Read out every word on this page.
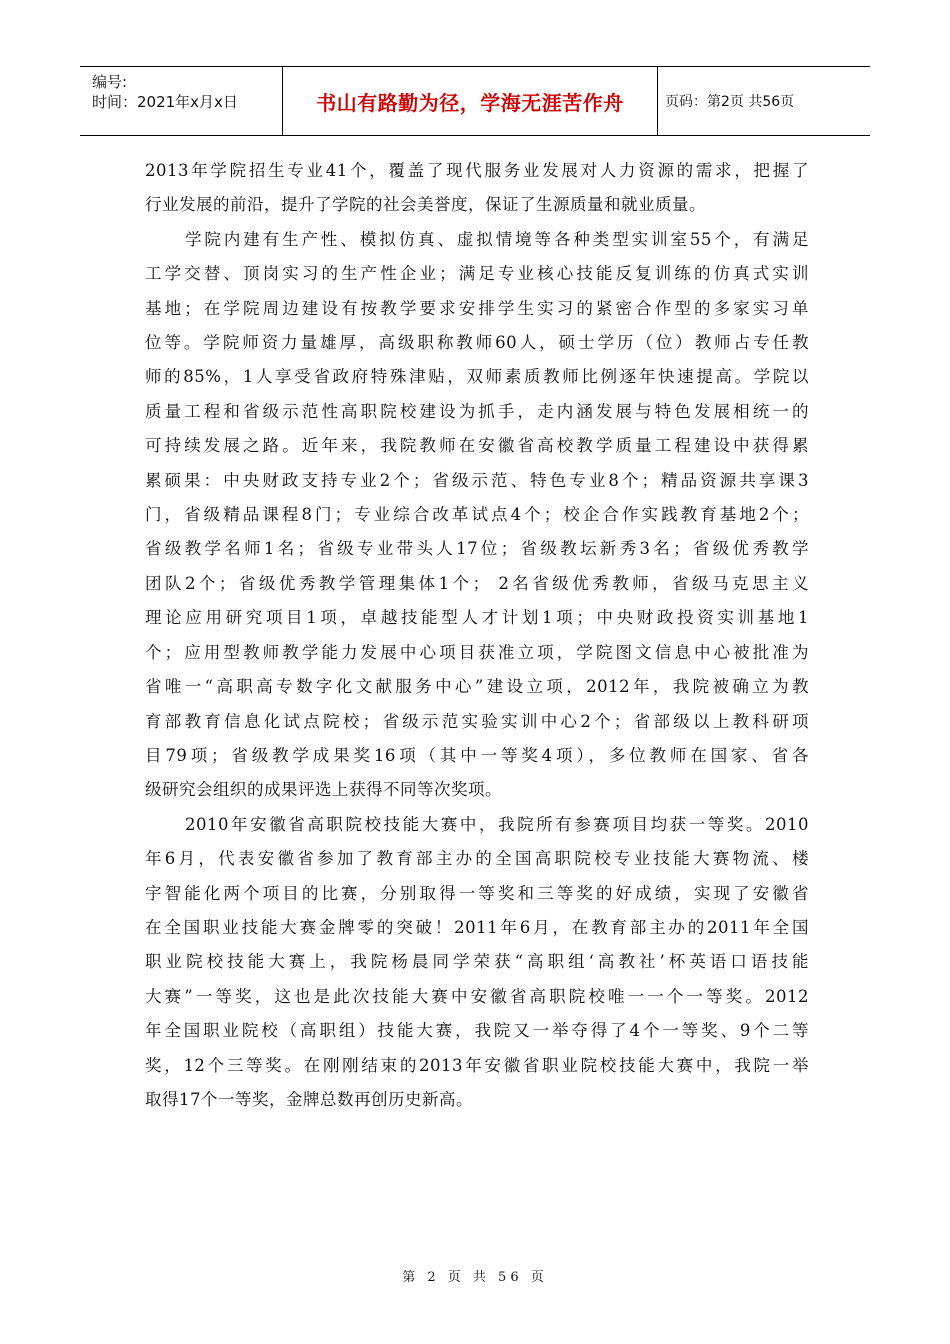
编号:
时间：2021年x月x日	书山有路勤为径，学海无涯苦作舟	页码：第2页 共56页
2013年学院招生专业41个，覆盖了现代服务业发展对人力资源的需求，把握了
行业发展的前沿，提升了学院的社会美誉度，保证了生源质量和就业质量。
学院内建有生产性、模拟仿真、虚拟情境等各种类型实训室55个，有满足
工学交替、顶岗实习的生产性企业；满足专业核心技能反复训练的仿真式实训
基地；在学院周边建设有按教学要求安排学生实习的紧密合作型的多家实习单
位等。学院师资力量雄厚，高级职称教师60人，硕士学历（位）教师占专任教
师的85%，1人享受省政府特殊津贴，双师素质教师比例逐年快速提高。学院以
质量工程和省级示范性高职院校建设为抓手，走内涵发展与特色发展相统一的
可持续发展之路。近年来，我院教师在安徽省高校教学质量工程建设中获得累
累硕果：中央财政支持专业2个；省级示范、特色专业8个；精品资源共享课3
门，省级精品课程8门；专业综合改革试点4个；校企合作实践教育基地2个；
省级教学名师1名；省级专业带头人17位；省级教坛新秀3名；省级优秀教学
团队2个；省级优秀教学管理集体1个； 2名省级优秀教师，省级马克思主义
理论应用研究项目1项，卓越技能型人才计划1项；中央财政投资实训基地1
个；应用型教师教学能力发展中心项目获准立项，学院图文信息中心被批准为
省唯一“高职高专数字化文献服务中心”建设立项，2012年，我院被确立为教
育部教育信息化试点院校；省级示范实验实训中心2个；省部级以上教科研项
目79项；省级教学成果奖16项（其中一等奖4项），多位教师在国家、省各
级研究会组织的成果评选上获得不同等次奖项。
2010年安徽省高职院校技能大赛中，我院所有参赛项目均获一等奖。2010
年6月，代表安徽省参加了教育部主办的全国高职院校专业技能大赛物流、楼
宇智能化两个项目的比赛，分别取得一等奖和三等奖的好成绩，实现了安徽省
在全国职业技能大赛金牌零的突破！2011年6月，在教育部主办的2011年全国
职业院校技能大赛上，我院杨晨同学荣获“高职组‘高教社’杯英语口语技能
大赛”一等奖，这也是此次技能大赛中安徽省高职院校唯一一个一等奖。2012
年全国职业院校（高职组）技能大赛，我院又一举夺得了4个一等奖、9个二等
奖，12个三等奖。在刚刚结束的2013年安徽省职业院校技能大赛中，我院一举
取得17个一等奖，金牌总数再创历史新高。
第 2 页 共 56 页
